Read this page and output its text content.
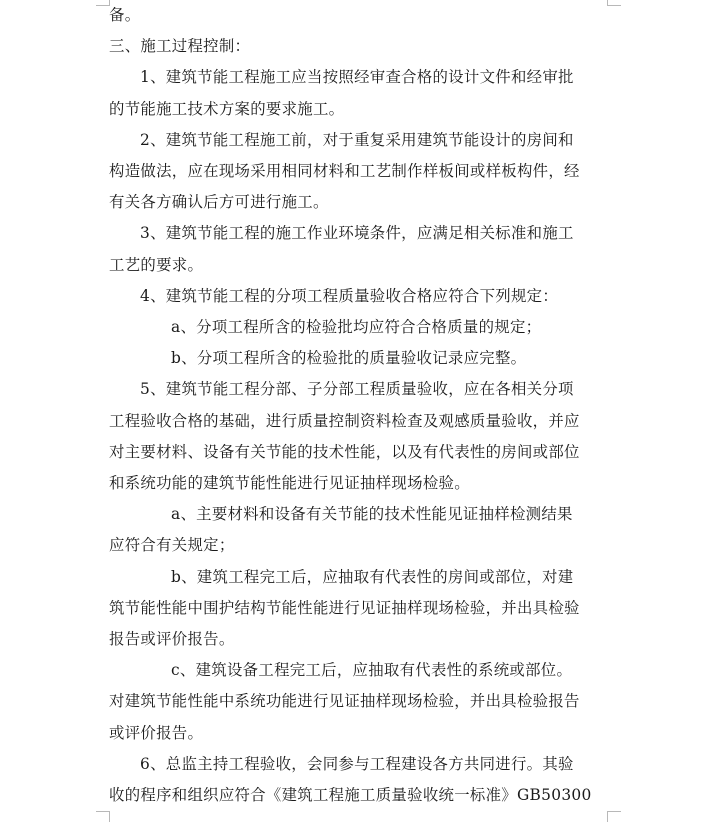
备。

三、施工过程控制：

1、建筑节能工程施工应当按照经审查合格的设计文件和经审批

的节能施工技术方案的要求施工。

2、建筑节能工程施工前，对于重复采用建筑节能设计的房间和

构造做法，应在现场采用相同材料和工艺制作样板间或样板构件，经

有关各方确认后方可进行施工。

3、建筑节能工程的施工作业环境条件，应满足相关标准和施工

工艺的要求。

4、建筑节能工程的分项工程质量验收合格应符合下列规定：

a、分项工程所含的检验批均应符合合格质量的规定；

b、分项工程所含的检验批的质量验收记录应完整。

5、建筑节能工程分部、子分部工程质量验收，应在各相关分项

工程验收合格的基础，进行质量控制资料检查及观感质量验收，并应

对主要材料、设备有关节能的技术性能，以及有代表性的房间或部位

和系统功能的建筑节能性能进行见证抽样现场检验。

a、主要材料和设备有关节能的技术性能见证抽样检测结果

应符合有关规定；

b、建筑工程完工后，应抽取有代表性的房间或部位，对建

筑节能性能中围护结构节能性能进行见证抽样现场检验，并出具检验

报告或评价报告。

c、建筑设备工程完工后，应抽取有代表性的系统或部位。

对建筑节能性能中系统功能进行见证抽样现场检验，并出具检验报告

或评价报告。

6、总监主持工程验收，会同参与工程建设各方共同进行。其验

收的程序和组织应符合《建筑工程施工质量验收统一标准》GB50300
